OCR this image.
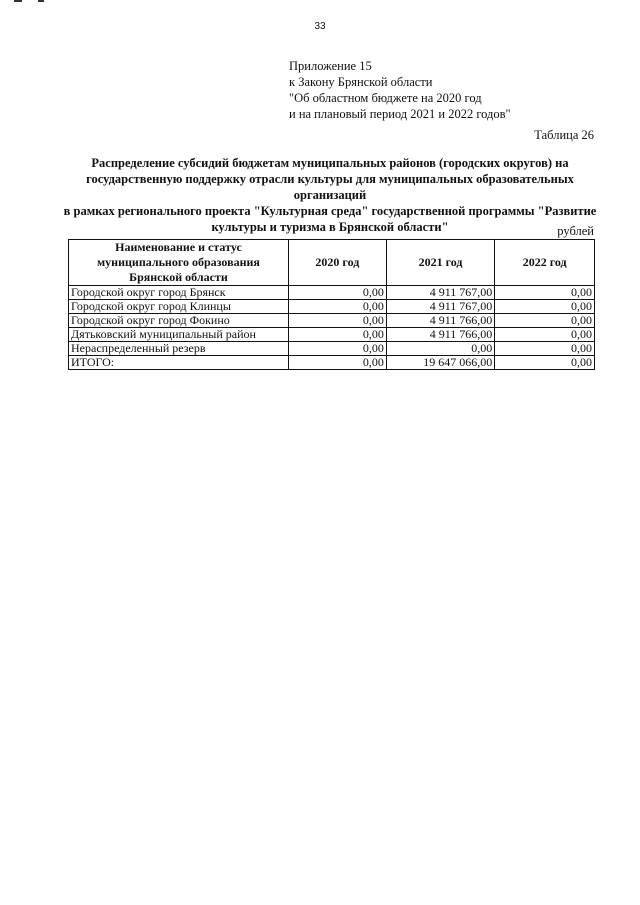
33
Приложение 15
к Закону Брянской области
"Об областном бюджете на 2020 год
и на плановый период 2021 и 2022 годов"
Таблица 26
Распределение субсидий бюджетам муниципальных районов (городских округов) на
государственную поддержку отрасли культуры для муниципальных образовательных организаций
в рамках регионального проекта "Культурная среда" государственной программы "Развитие
культуры и туризма в Брянской области"	рублей
Наименование и статус муниципального образования Брянской области	2020 год	2021 год	2022 год
Городской округ город Брянск	0,00	4 911 767,00	0,00
Городской округ город Клинцы	0,00	4 911 767,00	0,00
Городской округ город Фокино	0,00	4 911 766,00	0,00
Дятьковский муниципальный район	0,00	4 911 766,00	0,00
Нераспределенный резерв	0,00	0,00	0,00
ИТОГО:	0,00	19 647 066,00	0,00
